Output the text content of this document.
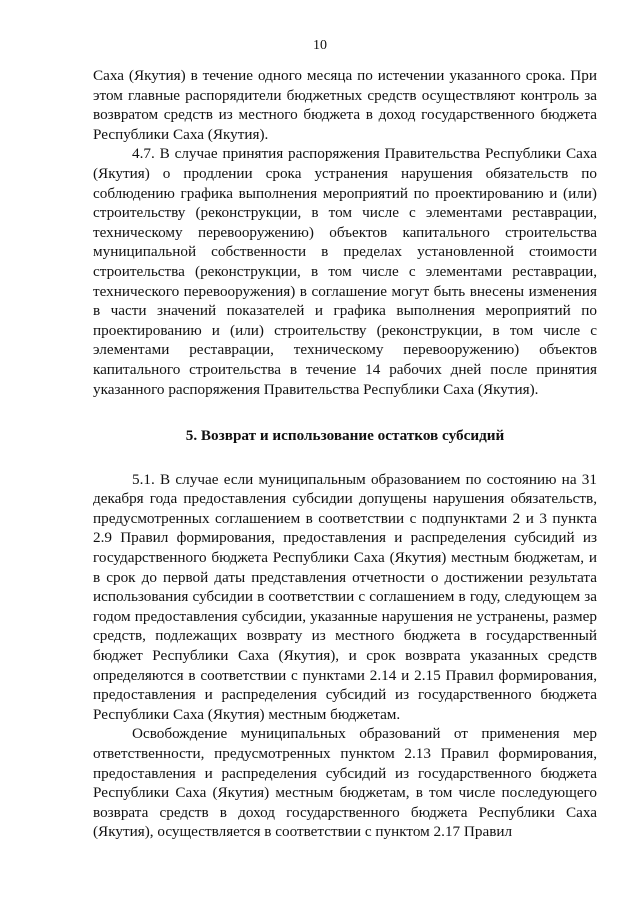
10

Саха (Якутия) в течение одного месяца по истечении указанного срока. При этом главные распорядители бюджетных средств осуществляют контроль за возвратом средств из местного бюджета в доход государственного бюджета Республики Саха (Якутия).

4.7. В случае принятия распоряжения Правительства Республики Саха (Якутия) о продлении срока устранения нарушения обязательств по соблюдению графика выполнения мероприятий по проектированию и (или) строительству (реконструкции, в том числе с элементами реставрации, техническому перевооружению) объектов капитального строительства муниципальной собственности в пределах установленной стоимости строительства (реконструкции, в том числе с элементами реставрации, технического перевооружения) в соглашение могут быть внесены изменения в части значений показателей и графика выполнения мероприятий по проектированию и (или) строительству (реконструкции, в том числе с элементами реставрации, техническому перевооружению) объектов капитального строительства в течение 14 рабочих дней после принятия указанного распоряжения Правительства Республики Саха (Якутия).

5. Возврат и использование остатков субсидий

5.1. В случае если муниципальным образованием по состоянию на 31 декабря года предоставления субсидии допущены нарушения обязательств, предусмотренных соглашением в соответствии с подпунктами 2 и 3 пункта 2.9 Правил формирования, предоставления и распределения субсидий из государственного бюджета Республики Саха (Якутия) местным бюджетам, и в срок до первой даты представления отчетности о достижении результата использования субсидии в соответствии с соглашением в году, следующем за годом предоставления субсидии, указанные нарушения не устранены, размер средств, подлежащих возврату из местного бюджета в государственный бюджет Республики Саха (Якутия), и срок возврата указанных средств определяются в соответствии с пунктами 2.14 и 2.15 Правил формирования, предоставления и распределения субсидий из государственного бюджета Республики Саха (Якутия) местным бюджетам.

Освобождение муниципальных образований от применения мер ответственности, предусмотренных пунктом 2.13 Правил формирования, предоставления и распределения субсидий из государственного бюджета Республики Саха (Якутия) местным бюджетам, в том числе последующего возврата средств в доход государственного бюджета Республики Саха (Якутия), осуществляется в соответствии с пунктом 2.17 Правил
